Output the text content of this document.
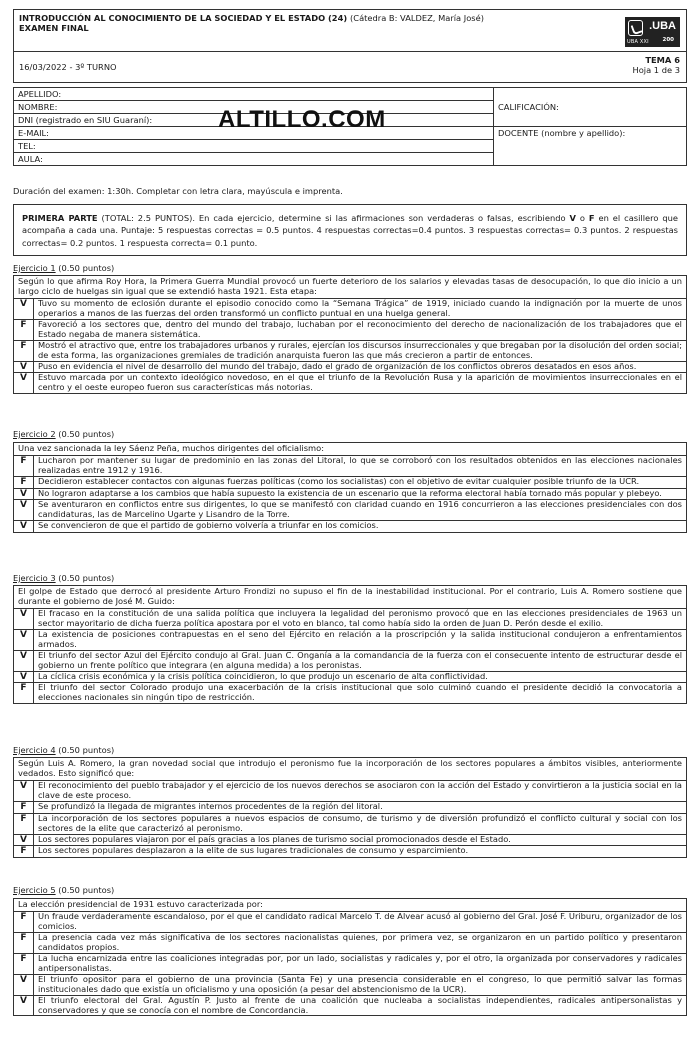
INTRODUCCIÓN AL CONOCIMIENTO DE LA SOCIEDAD Y EL ESTADO (24) (Cátedra B: VALDEZ, María José)
EXAMEN FINAL
UBA XXI
.UBA
200
16/03/2022 - 3º TURNO
TEMA 6
Hoja 1 de 3
APELLIDO:	CALIFICACIÓN:
NOMBRE:	
DNI (registrado en SIU Guaraní):	
E-MAIL:	DOCENTE (nombre y apellido):
TEL:	
AULA:	
ALTILLO.COM
Duración del examen: 1:30h. Completar con letra clara, mayúscula e imprenta.
PRIMERA PARTE (TOTAL: 2.5 PUNTOS). En cada ejercicio, determine si las afirmaciones son verdaderas o falsas, escribiendo V o F en el casillero que acompaña a cada una. Puntaje: 5 respuestas correctas = 0.5 puntos. 4 respuestas correctas=0.4 puntos. 3 respuestas correctas= 0.3 puntos. 2 respuestas correctas= 0.2 puntos. 1 respuesta correcta= 0.1 punto.
Ejercicio 1 (0.50 puntos)
Según lo que afirma Roy Hora, la Primera Guerra Mundial provocó un fuerte deterioro de los salarios y elevadas tasas de desocupación, lo que dio inicio a un largo ciclo de huelgas sin igual que se extendió hasta 1921. Esta etapa:	
V	Tuvo su momento de eclosión durante el episodio conocido como la “Semana Trágica” de 1919, iniciado cuando la indignación por la muerte de unos operarios a manos de las fuerzas del orden transformó un conflicto puntual en una huelga general.
F	Favoreció a los sectores que, dentro del mundo del trabajo, luchaban por el reconocimiento del derecho de nacionalización de los trabajadores que el Estado negaba de manera sistemática.
F	Mostró el atractivo que, entre los trabajadores urbanos y rurales, ejercían los discursos insurreccionales y que bregaban por la disolución del orden social; de esta forma, las organizaciones gremiales de tradición anarquista fueron las que más crecieron a partir de entonces.
V	Puso en evidencia el nivel de desarrollo del mundo del trabajo, dado el grado de organización de los conflictos obreros desatados en esos años.
V	Estuvo marcada por un contexto ideológico novedoso, en el que el triunfo de la Revolución Rusa y la aparición de movimientos insurreccionales en el centro y el oeste europeo fueron sus características más notorias.
Ejercicio 2 (0.50 puntos)
Una vez sancionada la ley Sáenz Peña, muchos dirigentes del oficialismo:	
F	Lucharon por mantener su lugar de predominio en las zonas del Litoral, lo que se corroboró con los resultados obtenidos en las elecciones nacionales realizadas entre 1912 y 1916.
F	Decidieron establecer contactos con algunas fuerzas políticas (como los socialistas) con el objetivo de evitar cualquier posible triunfo de la UCR.
V	No lograron adaptarse a los cambios que había supuesto la existencia de un escenario que la reforma electoral había tornado más popular y plebeyo.
V	Se aventuraron en conflictos entre sus dirigentes, lo que se manifestó con claridad cuando en 1916 concurrieron a las elecciones presidenciales con dos candidaturas, las de Marcelino Ugarte y Lisandro de la Torre.
V	Se convencieron de que el partido de gobierno volvería a triunfar en los comicios.
Ejercicio 3 (0.50 puntos)
El golpe de Estado que derrocó al presidente Arturo Frondizi no supuso el fin de la inestabilidad institucional. Por el contrario, Luis A. Romero sostiene que durante el gobierno de José M. Guido:	
V	El fracaso en la constitución de una salida política que incluyera la legalidad del peronismo provocó que en las elecciones presidenciales de 1963 un sector mayoritario de dicha fuerza política apostara por el voto en blanco, tal como había sido la orden de Juan D. Perón desde el exilio.
V	La existencia de posiciones contrapuestas en el seno del Ejército en relación a la proscripción y la salida institucional condujeron a enfrentamientos armados.
V	El triunfo del sector Azul del Ejército condujo al Gral. Juan C. Onganía a la comandancia de la fuerza con el consecuente intento de estructurar desde el gobierno un frente político que integrara (en alguna medida) a los peronistas.
V	La cíclica crisis económica y la crisis política coincidieron, lo que produjo un escenario de alta conflictividad.
F	El triunfo del sector Colorado produjo una exacerbación de la crisis institucional que solo culminó cuando el presidente decidió la convocatoria a elecciones nacionales sin ningún tipo de restricción.
Ejercicio 4 (0.50 puntos)
Según Luis A. Romero, la gran novedad social que introdujo el peronismo fue la incorporación de los sectores populares a ámbitos visibles, anteriormente vedados. Esto significó que:	
V	El reconocimiento del pueblo trabajador y el ejercicio de los nuevos derechos se asociaron con la acción del Estado y convirtieron a la justicia social en la clave de este proceso.
F	Se profundizó la llegada de migrantes internos procedentes de la región del litoral.
F	La incorporación de los sectores populares a nuevos espacios de consumo, de turismo y de diversión profundizó el conflicto cultural y social con los sectores de la elite que caracterizó al peronismo.
V	Los sectores populares viajaron por el país gracias a los planes de turismo social promocionados desde el Estado.
F	Los sectores populares desplazaron a la elite de sus lugares tradicionales de consumo y esparcimiento.
Ejercicio 5 (0.50 puntos)
La elección presidencial de 1931 estuvo caracterizada por:	
F	Un fraude verdaderamente escandaloso, por el que el candidato radical Marcelo T. de Alvear acusó al gobierno del Gral. José F. Uriburu, organizador de los comicios.
F	La presencia cada vez más significativa de los sectores nacionalistas quienes, por primera vez, se organizaron en un partido político y presentaron candidatos propios.
F	La lucha encarnizada entre las coaliciones integradas por, por un lado, socialistas y radicales y, por el otro, la organizada por conservadores y radicales antipersonalistas.
V	El triunfo opositor para el gobierno de una provincia (Santa Fe) y una presencia considerable en el congreso, lo que permitió salvar las formas institucionales dado que existía un oficialismo y una oposición (a pesar del abstencionismo de la UCR).
V	El triunfo electoral del Gral. Agustín P. Justo al frente de una coalición que nucleaba a socialistas independientes, radicales antipersonalistas y conservadores y que se conocía con el nombre de Concordancia.
